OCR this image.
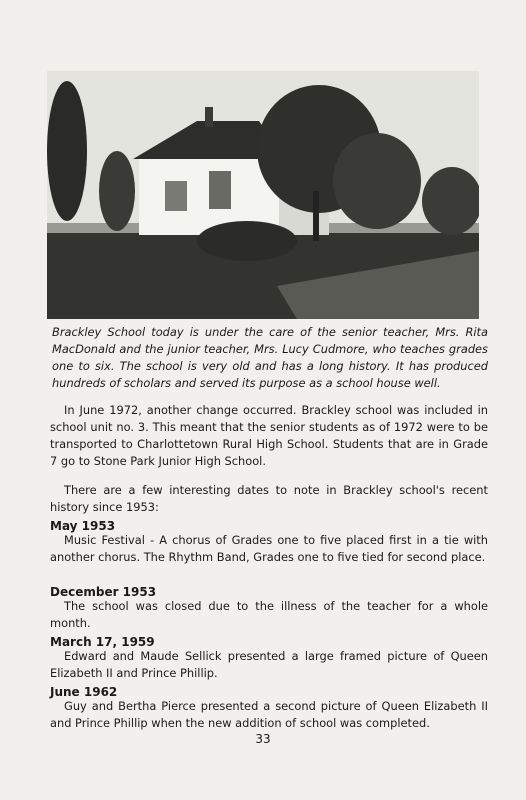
Brackley School today is under the care of the senior teacher, Mrs. Rita MacDonald and the junior teacher, Mrs. Lucy Cudmore, who teaches grades one to six. The school is very old and has a long history. It has produced hundreds of scholars and served its purpose as a school house well.

In June 1972, another change occurred. Brackley school was included in school unit no. 3. This meant that the senior students as of 1972 were to be transported to Charlottetown Rural High School. Students that are in Grade 7 go to Stone Park Junior High School.

There are a few interesting dates to note in Brackley school's recent history since 1953:

May 1953

Music Festival - A chorus of Grades one to five placed first in a tie with another chorus. The Rhythm Band, Grades one to five tied for second place.

December 1953

The school was closed due to the illness of the teacher for a whole month.

March 17, 1959

Edward and Maude Sellick presented a large framed picture of Queen Elizabeth II and Prince Phillip.

June 1962

Guy and Bertha Pierce presented a second picture of Queen Elizabeth II and Prince Phillip when the new addition of school was completed.

33
